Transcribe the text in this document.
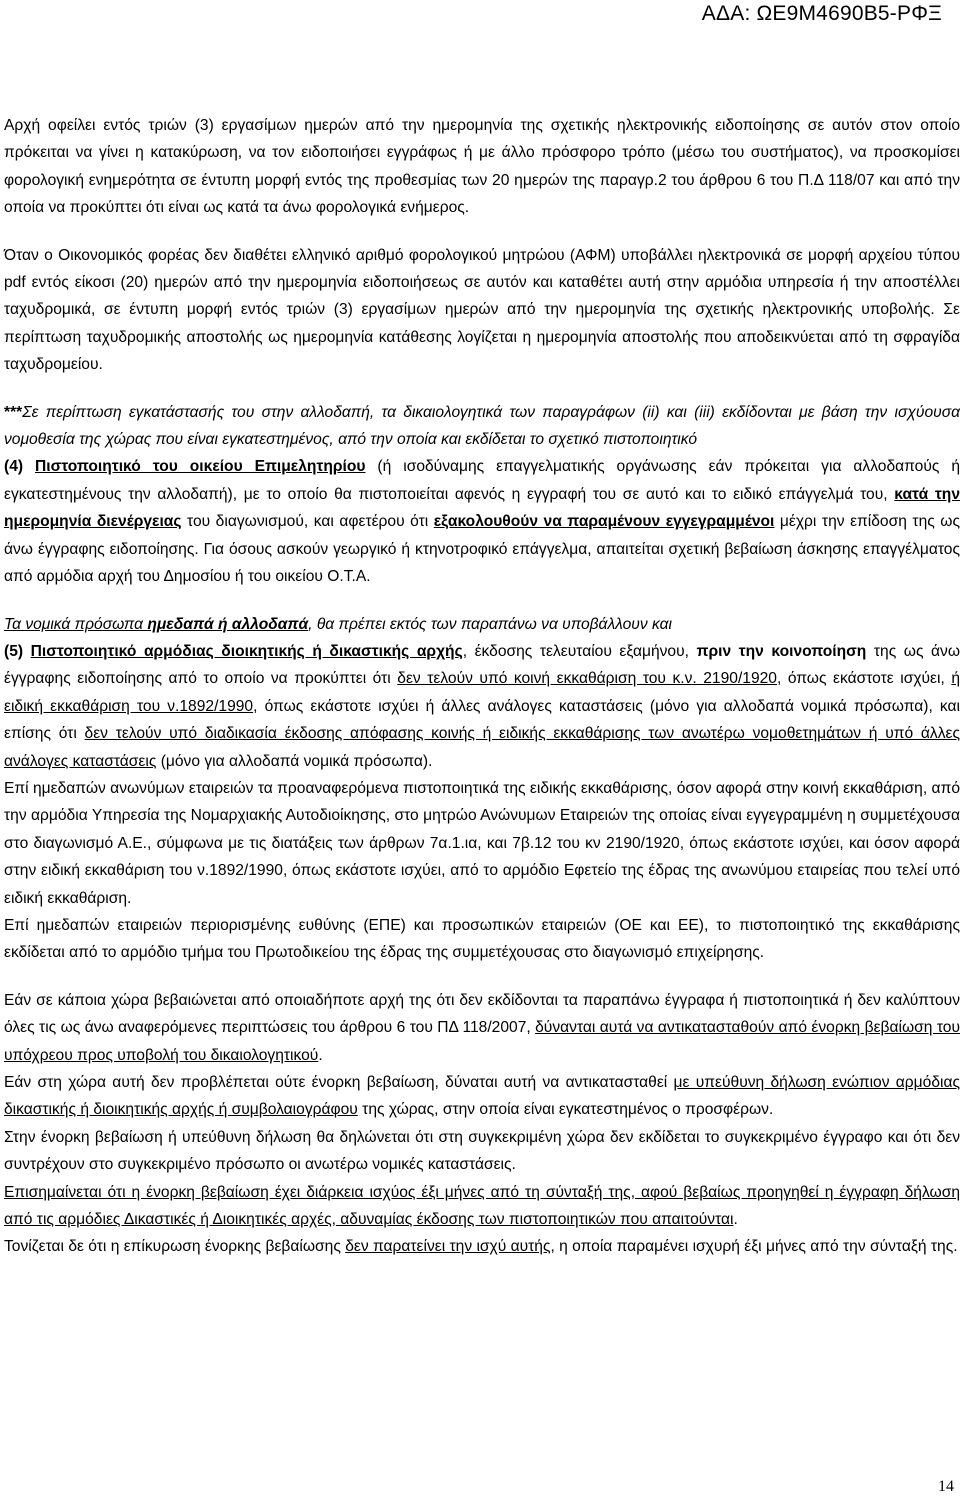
ΑΔΑ: ΩΕ9Μ4690Β5-ΡΦΞ

Αρχή οφείλει εντός τριών (3) εργασίμων ημερών από την ημερομηνία της σχετικής ηλεκτρονικής ειδοποίησης σε αυτόν στον οποίο πρόκειται να γίνει η κατακύρωση, να τον ειδοποιήσει εγγράφως ή με άλλο πρόσφορο τρόπο (μέσω του συστήματος), να προσκομίσει φορολογική ενημερότητα σε έντυπη μορφή εντός της προθεσμίας των 20 ημερών της παραγρ.2 του άρθρου 6 του Π.Δ 118/07 και από την οποία να προκύπτει ότι είναι ως κατά τα άνω φορολογικά ενήμερος.

Όταν ο Οικονομικός φορέας δεν διαθέτει ελληνικό αριθμό φορολογικού μητρώου (ΑΦΜ) υποβάλλει ηλεκτρονικά σε μορφή αρχείου τύπου pdf εντός είκοσι (20) ημερών από την ημερομηνία ειδοποιήσεως σε αυτόν και καταθέτει αυτή στην αρμόδια υπηρεσία ή την αποστέλλει ταχυδρομικά, σε έντυπη μορφή εντός τριών (3) εργασίμων ημερών από την ημερομηνία της σχετικής ηλεκτρονικής υποβολής. Σε περίπτωση ταχυδρομικής αποστολής ως ημερομηνία κατάθεσης λογίζεται η ημερομηνία αποστολής που αποδεικνύεται από τη σφραγίδα ταχυδρομείου.

***Σε περίπτωση εγκατάστασής του στην αλλοδαπή, τα δικαιολογητικά των παραγράφων (ii) και (iii) εκδίδονται με βάση την ισχύουσα νομοθεσία της χώρας που είναι εγκατεστημένος, από την οποία και εκδίδεται το σχετικό πιστοποιητικό

(4) Πιστοποιητικό του οικείου Επιμελητηρίου (ή ισοδύναμης επαγγελματικής οργάνωσης εάν πρόκειται για αλλοδαπούς ή εγκατεστημένους την αλλοδαπή), με το οποίο θα πιστοποιείται αφενός η εγγραφή του σε αυτό και το ειδικό επάγγελμά του, κατά την ημερομηνία διενέργειας του διαγωνισμού, και αφετέρου ότι εξακολουθούν να παραμένουν εγγεγραμμένοι μέχρι την επίδοση της ως άνω έγγραφης ειδοποίησης. Για όσους ασκούν γεωργικό ή κτηνοτροφικό επάγγελμα, απαιτείται σχετική βεβαίωση άσκησης επαγγέλματος από αρμόδια αρχή του Δημοσίου ή του οικείου Ο.Τ.Α.

Τα νομικά πρόσωπα ημεδαπά ή αλλοδαπά, θα πρέπει εκτός των παραπάνω να υποβάλλουν και

(5) Πιστοποιητικό αρμόδιας διοικητικής ή δικαστικής αρχής, έκδοσης τελευταίου εξαμήνου, πριν την κοινοποίηση της ως άνω έγγραφης ειδοποίησης από το οποίο να προκύπτει ότι δεν τελούν υπό κοινή εκκαθάριση του κ.ν. 2190/1920, όπως εκάστοτε ισχύει, ή ειδική εκκαθάριση του ν.1892/1990, όπως εκάστοτε ισχύει ή άλλες ανάλογες καταστάσεις (μόνο για αλλοδαπά νομικά πρόσωπα), και επίσης ότι δεν τελούν υπό διαδικασία έκδοσης απόφασης κοινής ή ειδικής εκκαθάρισης των ανωτέρω νομοθετημάτων ή υπό άλλες ανάλογες καταστάσεις (μόνο για αλλοδαπά νομικά πρόσωπα).

Επί ημεδαπών ανωνύμων εταιρειών τα προαναφερόμενα πιστοποιητικά της ειδικής εκκαθάρισης, όσον αφορά στην κοινή εκκαθάριση, από την αρμόδια Υπηρεσία της Νομαρχιακής Αυτοδιοίκησης, στο μητρώο Ανώνυμων Εταιρειών της οποίας είναι εγγεγραμμένη η συμμετέχουσα στο διαγωνισμό Α.Ε., σύμφωνα με τις διατάξεις των άρθρων 7α.1.ια, και 7β.12 του κν 2190/1920, όπως εκάστοτε ισχύει, και όσον αφορά στην ειδική εκκαθάριση του ν.1892/1990, όπως εκάστοτε ισχύει, από το αρμόδιο Εφετείο της έδρας της ανωνύμου εταιρείας που τελεί υπό ειδική εκκαθάριση.

Επί ημεδαπών εταιρειών περιορισμένης ευθύνης (ΕΠΕ) και προσωπικών εταιρειών (ΟΕ και ΕΕ), το πιστοποιητικό της εκκαθάρισης εκδίδεται από το αρμόδιο τμήμα του Πρωτοδικείου της έδρας της συμμετέχουσας στο διαγωνισμό επιχείρησης.

Εάν σε κάποια χώρα βεβαιώνεται από οποιαδήποτε αρχή της ότι δεν εκδίδονται τα παραπάνω έγγραφα ή πιστοποιητικά ή δεν καλύπτουν όλες τις ως άνω αναφερόμενες περιπτώσεις του άρθρου 6 του ΠΔ 118/2007, δύνανται αυτά να αντικατασταθούν από ένορκη βεβαίωση του υπόχρεου προς υποβολή του δικαιολογητικού.

Εάν στη χώρα αυτή δεν προβλέπεται ούτε ένορκη βεβαίωση, δύναται αυτή να αντικατασταθεί με υπεύθυνη δήλωση ενώπιον αρμόδιας δικαστικής ή διοικητικής αρχής ή συμβολαιογράφου της χώρας, στην οποία είναι εγκατεστημένος ο προσφέρων.

Στην ένορκη βεβαίωση ή υπεύθυνη δήλωση θα δηλώνεται ότι στη συγκεκριμένη χώρα δεν εκδίδεται το συγκεκριμένο έγγραφο και ότι δεν συντρέχουν στο συγκεκριμένο πρόσωπο οι ανωτέρω νομικές καταστάσεις.

Επισημαίνεται ότι η ένορκη βεβαίωση έχει διάρκεια ισχύος έξι μήνες από τη σύνταξή της, αφού βεβαίως προηγηθεί η έγγραφη δήλωση από τις αρμόδιες Δικαστικές ή Διοικητικές αρχές, αδυναμίας έκδοσης των πιστοποιητικών που απαιτούνται.

Τονίζεται δε ότι η επίκυρωση ένορκης βεβαίωσης δεν παρατείνει την ισχύ αυτής, η οποία παραμένει ισχυρή έξι μήνες από την σύνταξή της.

14
